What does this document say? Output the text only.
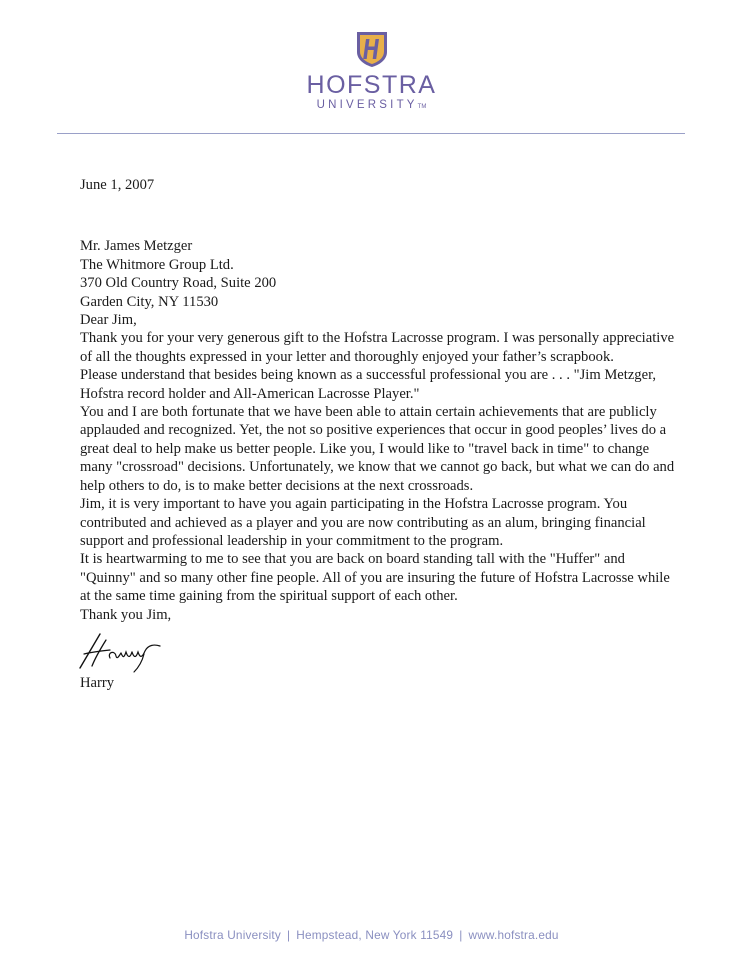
HOFSTRA
UNIVERSITYTM

June 1, 2007

Mr. James Metzger

The Whitmore Group Ltd.

370 Old Country Road, Suite 200

Garden City, NY 11530

Dear Jim,

Thank you for your very generous gift to the Hofstra Lacrosse program. I was personally appreciative of all the thoughts expressed in your letter and thoroughly enjoyed your father’s scrapbook.

Please understand that besides being known as a successful professional you are . . . "Jim Metzger, Hofstra record holder and All-American Lacrosse Player."

You and I are both fortunate that we have been able to attain certain achievements that are publicly applauded and recognized. Yet, the not so positive experiences that occur in good peoples’ lives do a great deal to help make us better people. Like you, I would like to "travel back in time" to change many "crossroad" decisions. Unfortunately, we know that we cannot go back, but what we can do and help others to do, is to make better decisions at the next crossroads.

Jim, it is very important to have you again participating in the Hofstra Lacrosse program. You contributed and achieved as a player and you are now contributing as an alum, bringing financial support and professional leadership in your commitment to the program.

It is heartwarming to me to see that you are back on board standing tall with the "Huffer" and "Quinny" and so many other fine people. All of you are insuring the future of Hofstra Lacrosse while at the same time gaining from the spiritual support of each other.

Thank you Jim,

Harry

Hofstra University | Hempstead, New York 11549 | www.hofstra.edu
